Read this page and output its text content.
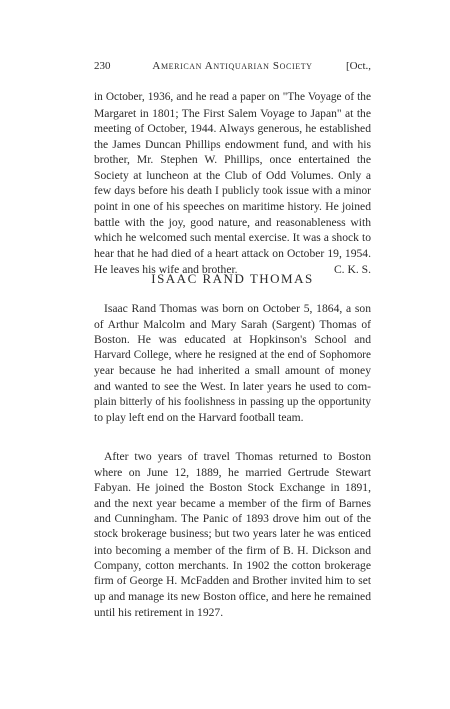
230	American Antiquarian Society	[Oct.,
in October, 1936, and he read a paper on "The Voyage of the
Margaret in 1801; The First Salem Voyage to Japan" at the
meeting of October, 1944. Always generous, he established
the James Duncan Phillips endowment fund, and with his
brother, Mr. Stephen W. Phillips, once entertained the
Society at luncheon at the Club of Odd Volumes. Only a
few days before his death I publicly took issue with a minor
point in one of his speeches on maritime history. He joined
battle with the joy, good nature, and reasonableness with
which he welcomed such mental exercise. It was a shock to
hear that he had died of a heart attack on October 19, 1954.
He leaves his wife and brother.	C. K. S.
ISAAC RAND THOMAS
Isaac Rand Thomas was born on October 5, 1864, a son
of Arthur Malcolm and Mary Sarah (Sargent) Thomas of
Boston. He was educated at Hopkinson's School and
Harvard College, where he resigned at the end of Sophomore
year because he had inherited a small amount of money
and wanted to see the West. In later years he used to com-
plain bitterly of his foolishness in passing up the opportunity
to play left end on the Harvard football team.
After two years of travel Thomas returned to Boston
where on June 12, 1889, he married Gertrude Stewart
Fabyan. He joined the Boston Stock Exchange in 1891,
and the next year became a member of the firm of Barnes
and Cunningham. The Panic of 1893 drove him out of the
stock brokerage business; but two years later he was enticed
into becoming a member of the firm of B. H. Dickson and
Company, cotton merchants. In 1902 the cotton brokerage
firm of George H. McFadden and Brother invited him to set
up and manage its new Boston office, and here he remained
until his retirement in 1927.
